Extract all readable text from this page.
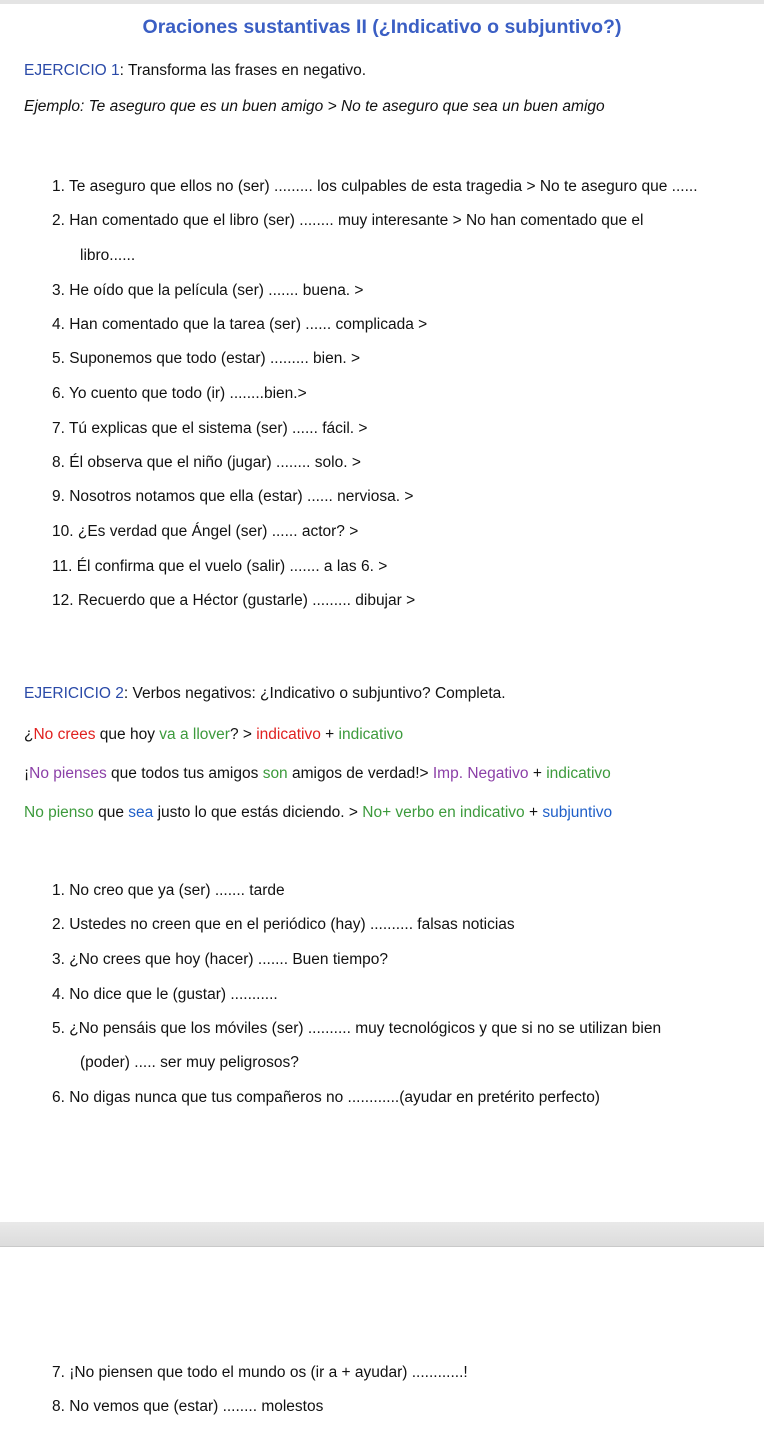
Oraciones sustantivas II (¿Indicativo o subjuntivo?)
EJERCICIO 1: Transforma las frases en negativo.
Ejemplo: Te aseguro que es un buen amigo > No te aseguro que sea un buen amigo
1. Te aseguro que ellos no (ser) ......... los culpables de esta tragedia > No te aseguro que ......
2. Han comentado que el libro (ser) ........ muy interesante > No han comentado que el
libro......
3. He oído que la película (ser) ....... buena. >
4. Han comentado que la tarea (ser) ...... complicada >
5. Suponemos que todo (estar) ......... bien. >
6. Yo cuento que todo (ir) ........bien.>
7. Tú explicas que el sistema (ser) ...... fácil. >
8. Él observa que el niño (jugar) ........ solo. >
9. Nosotros notamos que ella (estar) ...... nerviosa. >
10. ¿Es verdad que Ángel (ser) ...... actor? >
11. Él confirma que el vuelo (salir) ....... a las 6. >
12. Recuerdo que a Héctor (gustarle) ......... dibujar >
EJERICICIO 2: Verbos negativos: ¿Indicativo o subjuntivo? Completa.
¿No crees que hoy va a llover? > indicativo + indicativo
¡No pienses que todos tus amigos son amigos de verdad!> Imp. Negativo + indicativo
No pienso que sea justo lo que estás diciendo. > No+ verbo en indicativo + subjuntivo
1. No creo que ya (ser) ....... tarde
2. Ustedes no creen que en el periódico (hay) .......... falsas noticias
3. ¿No crees que hoy (hacer) ....... Buen tiempo?
4. No dice que le (gustar) ...........
5. ¿No pensáis que los móviles (ser) .......... muy tecnológicos y que si no se utilizan bien
(poder) ..... ser muy peligrosos?
6. No digas nunca que tus compañeros no ............(ayudar en pretérito perfecto)
7. ¡No piensen que todo el mundo os (ir a + ayudar) ............!
8. No vemos que (estar) ........ molestos
